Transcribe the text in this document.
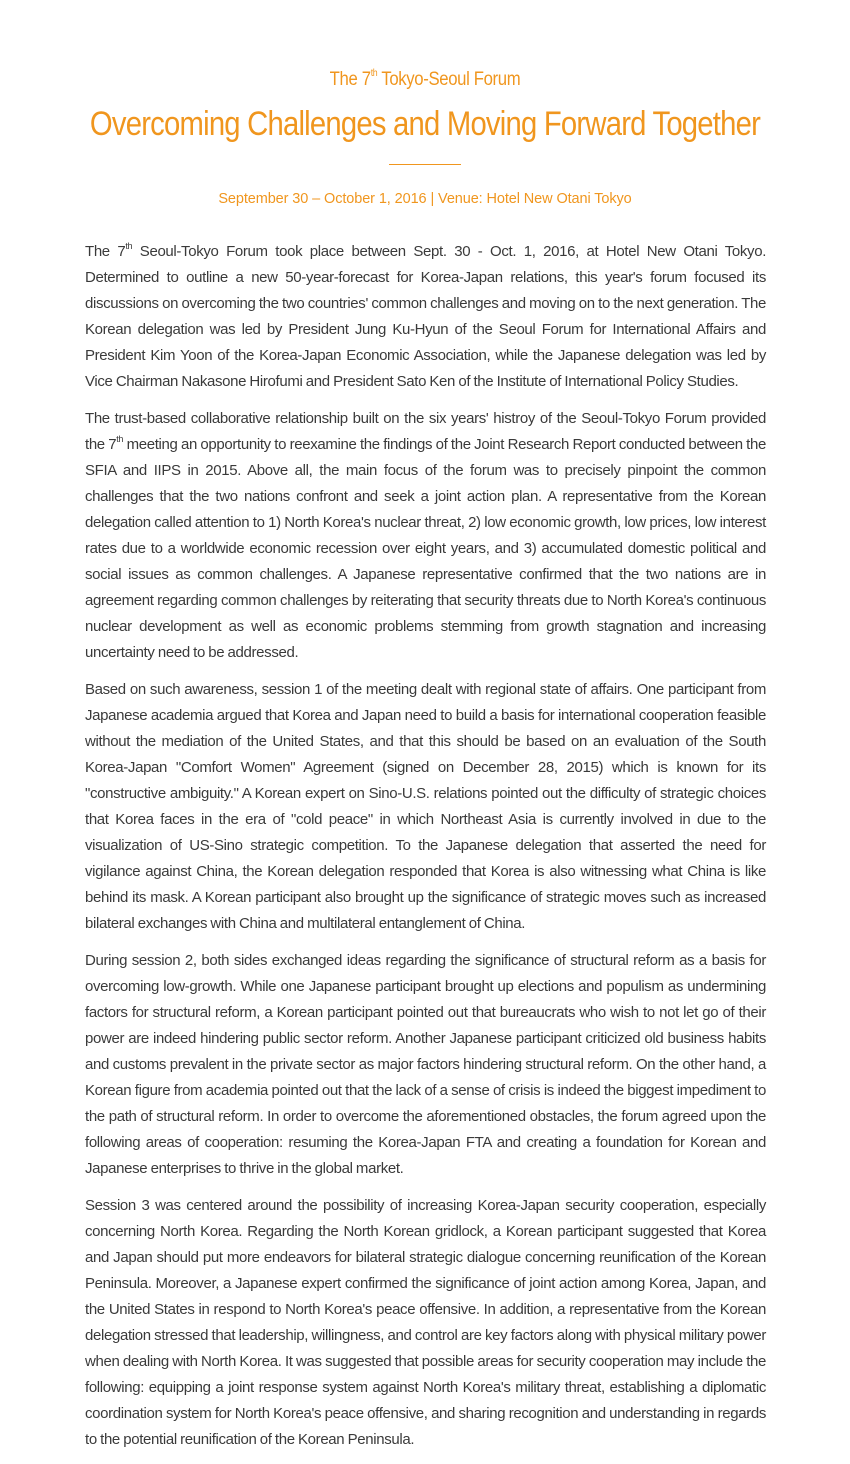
The 7th Tokyo-Seoul Forum
Overcoming Challenges and Moving Forward Together
September 30 – October 1, 2016 | Venue: Hotel New Otani Tokyo

The 7th Seoul-Tokyo Forum took place between Sept. 30 - Oct. 1, 2016, at Hotel New Otani Tokyo. Determined to outline a new 50-year-forecast for Korea-Japan relations, this year's forum focused its discussions on overcoming the two countries' common challenges and moving on to the next generation. The Korean delegation was led by President Jung Ku-Hyun of the Seoul Forum for International Affairs and President Kim Yoon of the Korea-Japan Economic Association, while the Japanese delegation was led by Vice Chairman Nakasone Hirofumi and President Sato Ken of the Institute of International Policy Studies.

The trust-based collaborative relationship built on the six years' histroy of the Seoul-Tokyo Forum provided the 7th meeting an opportunity to reexamine the findings of the Joint Research Report conducted between the SFIA and IIPS in 2015. Above all, the main focus of the forum was to precisely pinpoint the common challenges that the two nations confront and seek a joint action plan. A representative from the Korean delegation called attention to 1) North Korea's nuclear threat, 2) low economic growth, low prices, low interest rates due to a worldwide economic recession over eight years, and 3) accumulated domestic political and social issues as common challenges. A Japanese representative confirmed that the two nations are in agreement regarding common challenges by reiterating that security threats due to North Korea's continuous nuclear development as well as economic problems stemming from growth stagnation and increasing uncertainty need to be addressed.

Based on such awareness, session 1 of the meeting dealt with regional state of affairs. One participant from Japanese academia argued that Korea and Japan need to build a basis for international cooperation feasible without the mediation of the United States, and that this should be based on an evaluation of the South Korea-Japan "Comfort Women" Agreement (signed on December 28, 2015) which is known for its "constructive ambiguity." A Korean expert on Sino-U.S. relations pointed out the difficulty of strategic choices that Korea faces in the era of "cold peace" in which Northeast Asia is currently involved in due to the visualization of US-Sino strategic competition. To the Japanese delegation that asserted the need for vigilance against China, the Korean delegation responded that Korea is also witnessing what China is like behind its mask. A Korean participant also brought up the significance of strategic moves such as increased bilateral exchanges with China and multilateral entanglement of China.

During session 2, both sides exchanged ideas regarding the significance of structural reform as a basis for overcoming low-growth. While one Japanese participant brought up elections and populism as undermining factors for structural reform, a Korean participant pointed out that bureaucrats who wish to not let go of their power are indeed hindering public sector reform. Another Japanese participant criticized old business habits and customs prevalent in the private sector as major factors hindering structural reform. On the other hand, a Korean figure from academia pointed out that the lack of a sense of crisis is indeed the biggest impediment to the path of structural reform. In order to overcome the aforementioned obstacles, the forum agreed upon the following areas of cooperation: resuming the Korea-Japan FTA and creating a foundation for Korean and Japanese enterprises to thrive in the global market.

Session 3 was centered around the possibility of increasing Korea-Japan security cooperation, especially concerning North Korea. Regarding the North Korean gridlock, a Korean participant suggested that Korea and Japan should put more endeavors for bilateral strategic dialogue concerning reunification of the Korean Peninsula. Moreover, a Japanese expert confirmed the significance of joint action among Korea, Japan, and the United States in respond to North Korea's peace offensive. In addition, a representative from the Korean delegation stressed that leadership, willingness, and control are key factors along with physical military power when dealing with North Korea. It was suggested that possible areas for security cooperation may include the following: equipping a joint response system against North Korea's military threat, establishing a diplomatic coordination system for North Korea's peace offensive, and sharing recognition and understanding in regards to the potential reunification of the Korean Peninsula.
